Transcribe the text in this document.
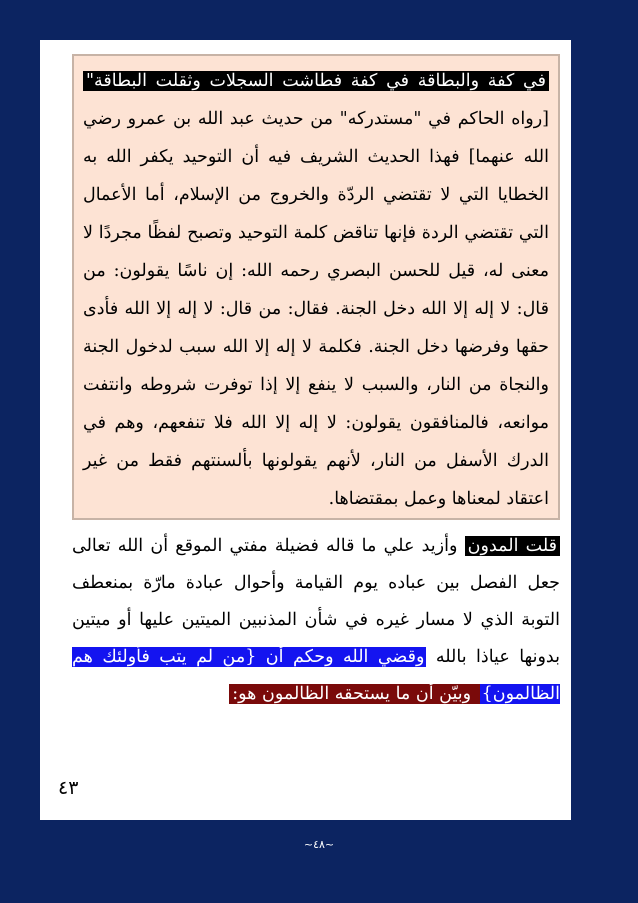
في كفة والبطاقة في كفة فطاشت السجلات وثقلت البطاقة" [رواه الحاكم في "مستدركه" من حديث عبد الله بن عمرو رضي الله عنهما] فهذا الحديث الشريف فيه أن التوحيد يكفر الله به الخطايا التي لا تقتضي الردّة والخروج من الإسلام، أما الأعمال التي تقتضي الردة فإنها تناقض كلمة التوحيد وتصبح لفظًا مجردًا لا معنى له، قيل للحسن البصري رحمه الله: إن ناسًا يقولون: من قال: لا إله إلا الله دخل الجنة. فقال: من قال: لا إله إلا الله فأدى حقها وفرضها دخل الجنة. فكلمة لا إله إلا الله سبب لدخول الجنة والنجاة من النار، والسبب لا ينفع إلا إذا توفرت شروطه وانتفت موانعه، فالمنافقون يقولون: لا إله إلا الله فلا تنفعهم، وهم في الدرك الأسفل من النار، لأنهم يقولونها بألسنتهم فقط من غير اعتقاد لمعناها وعمل بمقتضاها.

قلت المدون وأزيد علي ما قاله فضيلة مفتي الموقع أن الله تعالى جعل الفصل بين عباده يوم القيامة وأحوال عبادة مارّة بمنعطف التوبة الذي لا مسار غيره في شأن المذنبين الميتين عليها أو ميتين بدونها عياذا بالله وقضي الله وحكم أن {من لم يتب فأولئك هم الظالمون} وبيّن أن ما يستحقه الظالمون هو:

٤٣
~٤٨~
